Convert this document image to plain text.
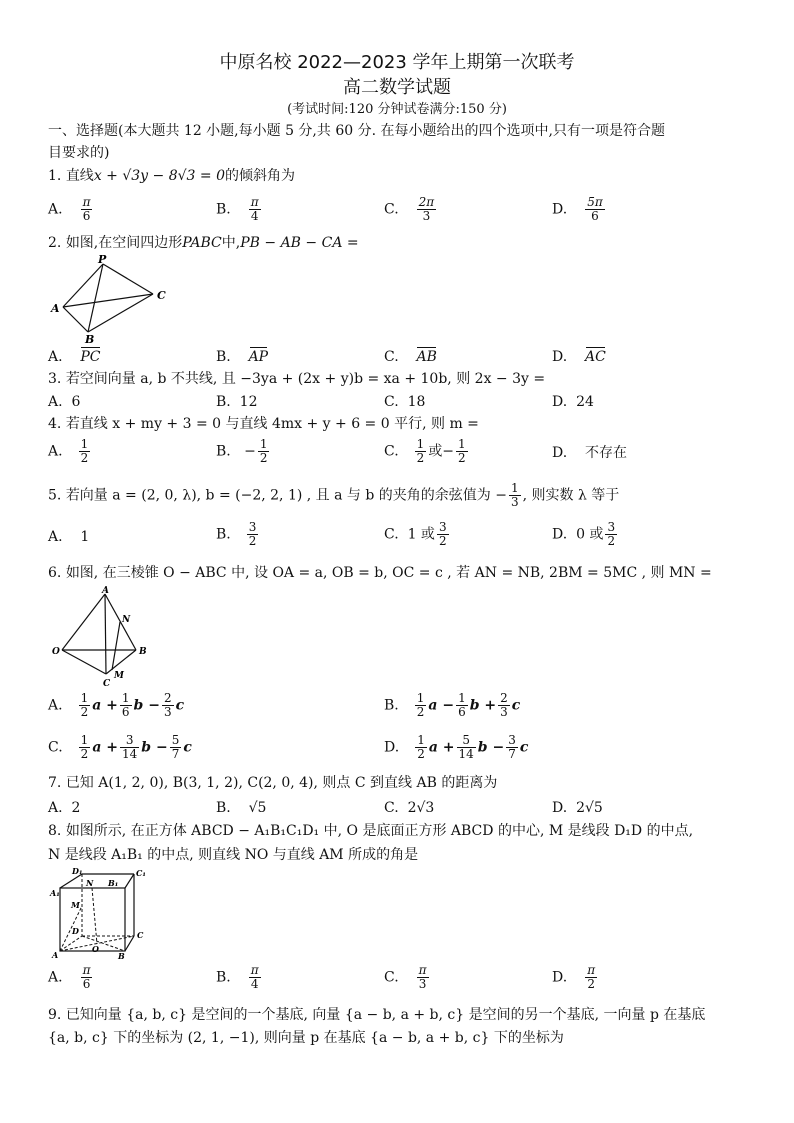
中原名校 2022—2023 学年上期第一次联考
高二数学试题
(考试时间:120 分钟试卷满分:150 分)
一、选择题(本大题共 12 小题,每小题 5 分,共 60 分. 在每小题给出的四个选项中,只有一项是符合题
目要求的)
1. 直线x + √3y − 8√3 = 0的倾斜角为
A. $\frac{\pi}{6}$	B. $\frac{\pi}{4}$	C. $\frac{2\pi}{3}$	D. $\frac{5\pi}{6}$
2. 如图,在空间四边形PABC中,PB − AB − CA =
P
A
B
C
A. PC	B. AP	C. AB	D. AC
3. 若空间向量 a, b 不共线, 且 −3ya + (2x + y)b = xa + 10b, 则 2x − 3y =
A. 6	B. 12	C. 18	D. 24
4. 若直线 x + my + 3 = 0 与直线 4mx + y + 6 = 0 平行, 则 m =
A. $\frac{1}{2}$	B. − $\frac{1}{2}$	C. $\frac{1}{2}$ 或− $\frac{1}{2}$	D. 不存在
5. 若向量 a = (2, 0, λ), b = (−2, 2, 1) , 且 a 与 b 的夹角的余弦值为 − $\frac{1}{3}$ , 则实数 λ 等于
A. 1	B. $\frac{3}{2}$	C. 1 或 $\frac{3}{2}$	D. 0 或 $\frac{3}{2}$
6. 如图, 在三棱锥 O − ABC 中, 设 OA = a, OB = b, OC = c , 若 AN = NB, 2BM = 5MC , 则 MN =
A
N
O	B
C
M
A. $\frac{1}{2}$ $a + \frac{1}{6}$ $b - \frac{2}{3}$ c	B. $\frac{1}{2}$ $a - \frac{1}{6}$ $b + \frac{2}{3}$ c
C. $\frac{1}{2}$ $a + \frac{3}{14}$ $b - \frac{5}{7}$ c	D. $\frac{1}{2}$ $a + \frac{5}{14}$ $b - \frac{3}{7}$ c
7. 已知 A(1, 2, 0), B(3, 1, 2), C(2, 0, 4), 则点 C 到直线 AB 的距离为
A. 2	B. √5	C. 2√3	D. 2√5
8. 如图所示, 在正方体 ABCD − A₁B₁C₁D₁ 中, O 是底面正方形 ABCD 的中心, M 是线段 D₁D 的中点,
N 是线段 A₁B₁ 的中点, 则直线 NO 与直线 AM 所成的角是
D₁
N B₁
C₁
A₁
M
D	C
A
O
B
A. $\frac{\pi}{6}$	B. $\frac{\pi}{4}$	C. $\frac{\pi}{3}$	D. $\frac{\pi}{2}$
9. 已知向量 {a, b, c} 是空间的一个基底, 向量 {a − b, a + b, c} 是空间的另一个基底, 一向量 p 在基底
{a, b, c} 下的坐标为 (2, 1, −1), 则向量 p 在基底 {a − b, a + b, c} 下的坐标为
